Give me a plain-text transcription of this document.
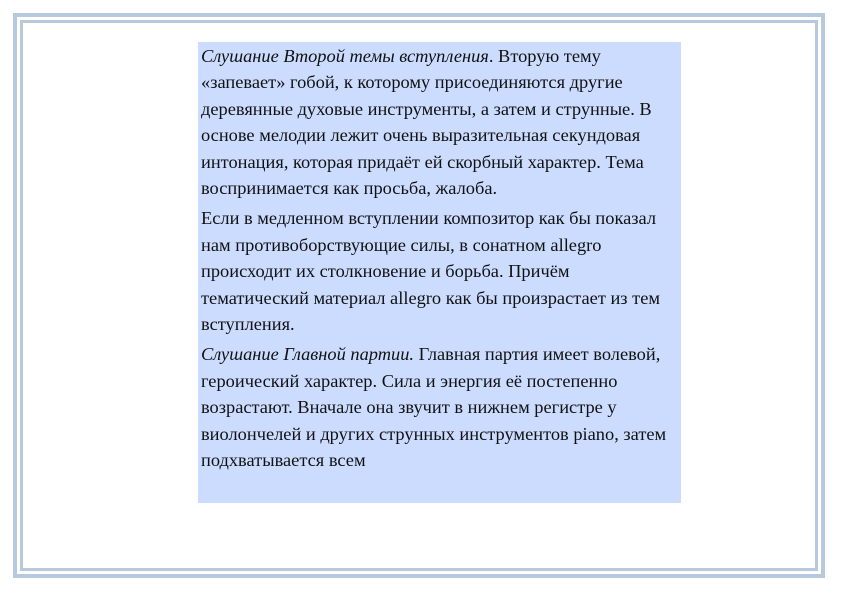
Слушание Второй темы вступления. Вторую тему «запевает» гобой, к которому присоединяются другие деревянные духовые инструменты, а затем и струнные. В основе мелодии лежит очень выразительная секундовая интонация, которая придаёт ей скорбный характер. Тема воспринимается как просьба, жалоба.

Если в медленном вступлении композитор как бы показал нам противоборствующие силы, в сонатном allegro происходит их столкновение и борьба. Причём тематический материал allegro как бы произрастает из тем вступления.

Слушание Главной партии. Главная партия имеет волевой, героический характер. Сила и энергия её постепенно возрастают. Вначале она звучит в нижнем регистре у виолончелей и других струнных инструментов piano, затем подхватывается всем
